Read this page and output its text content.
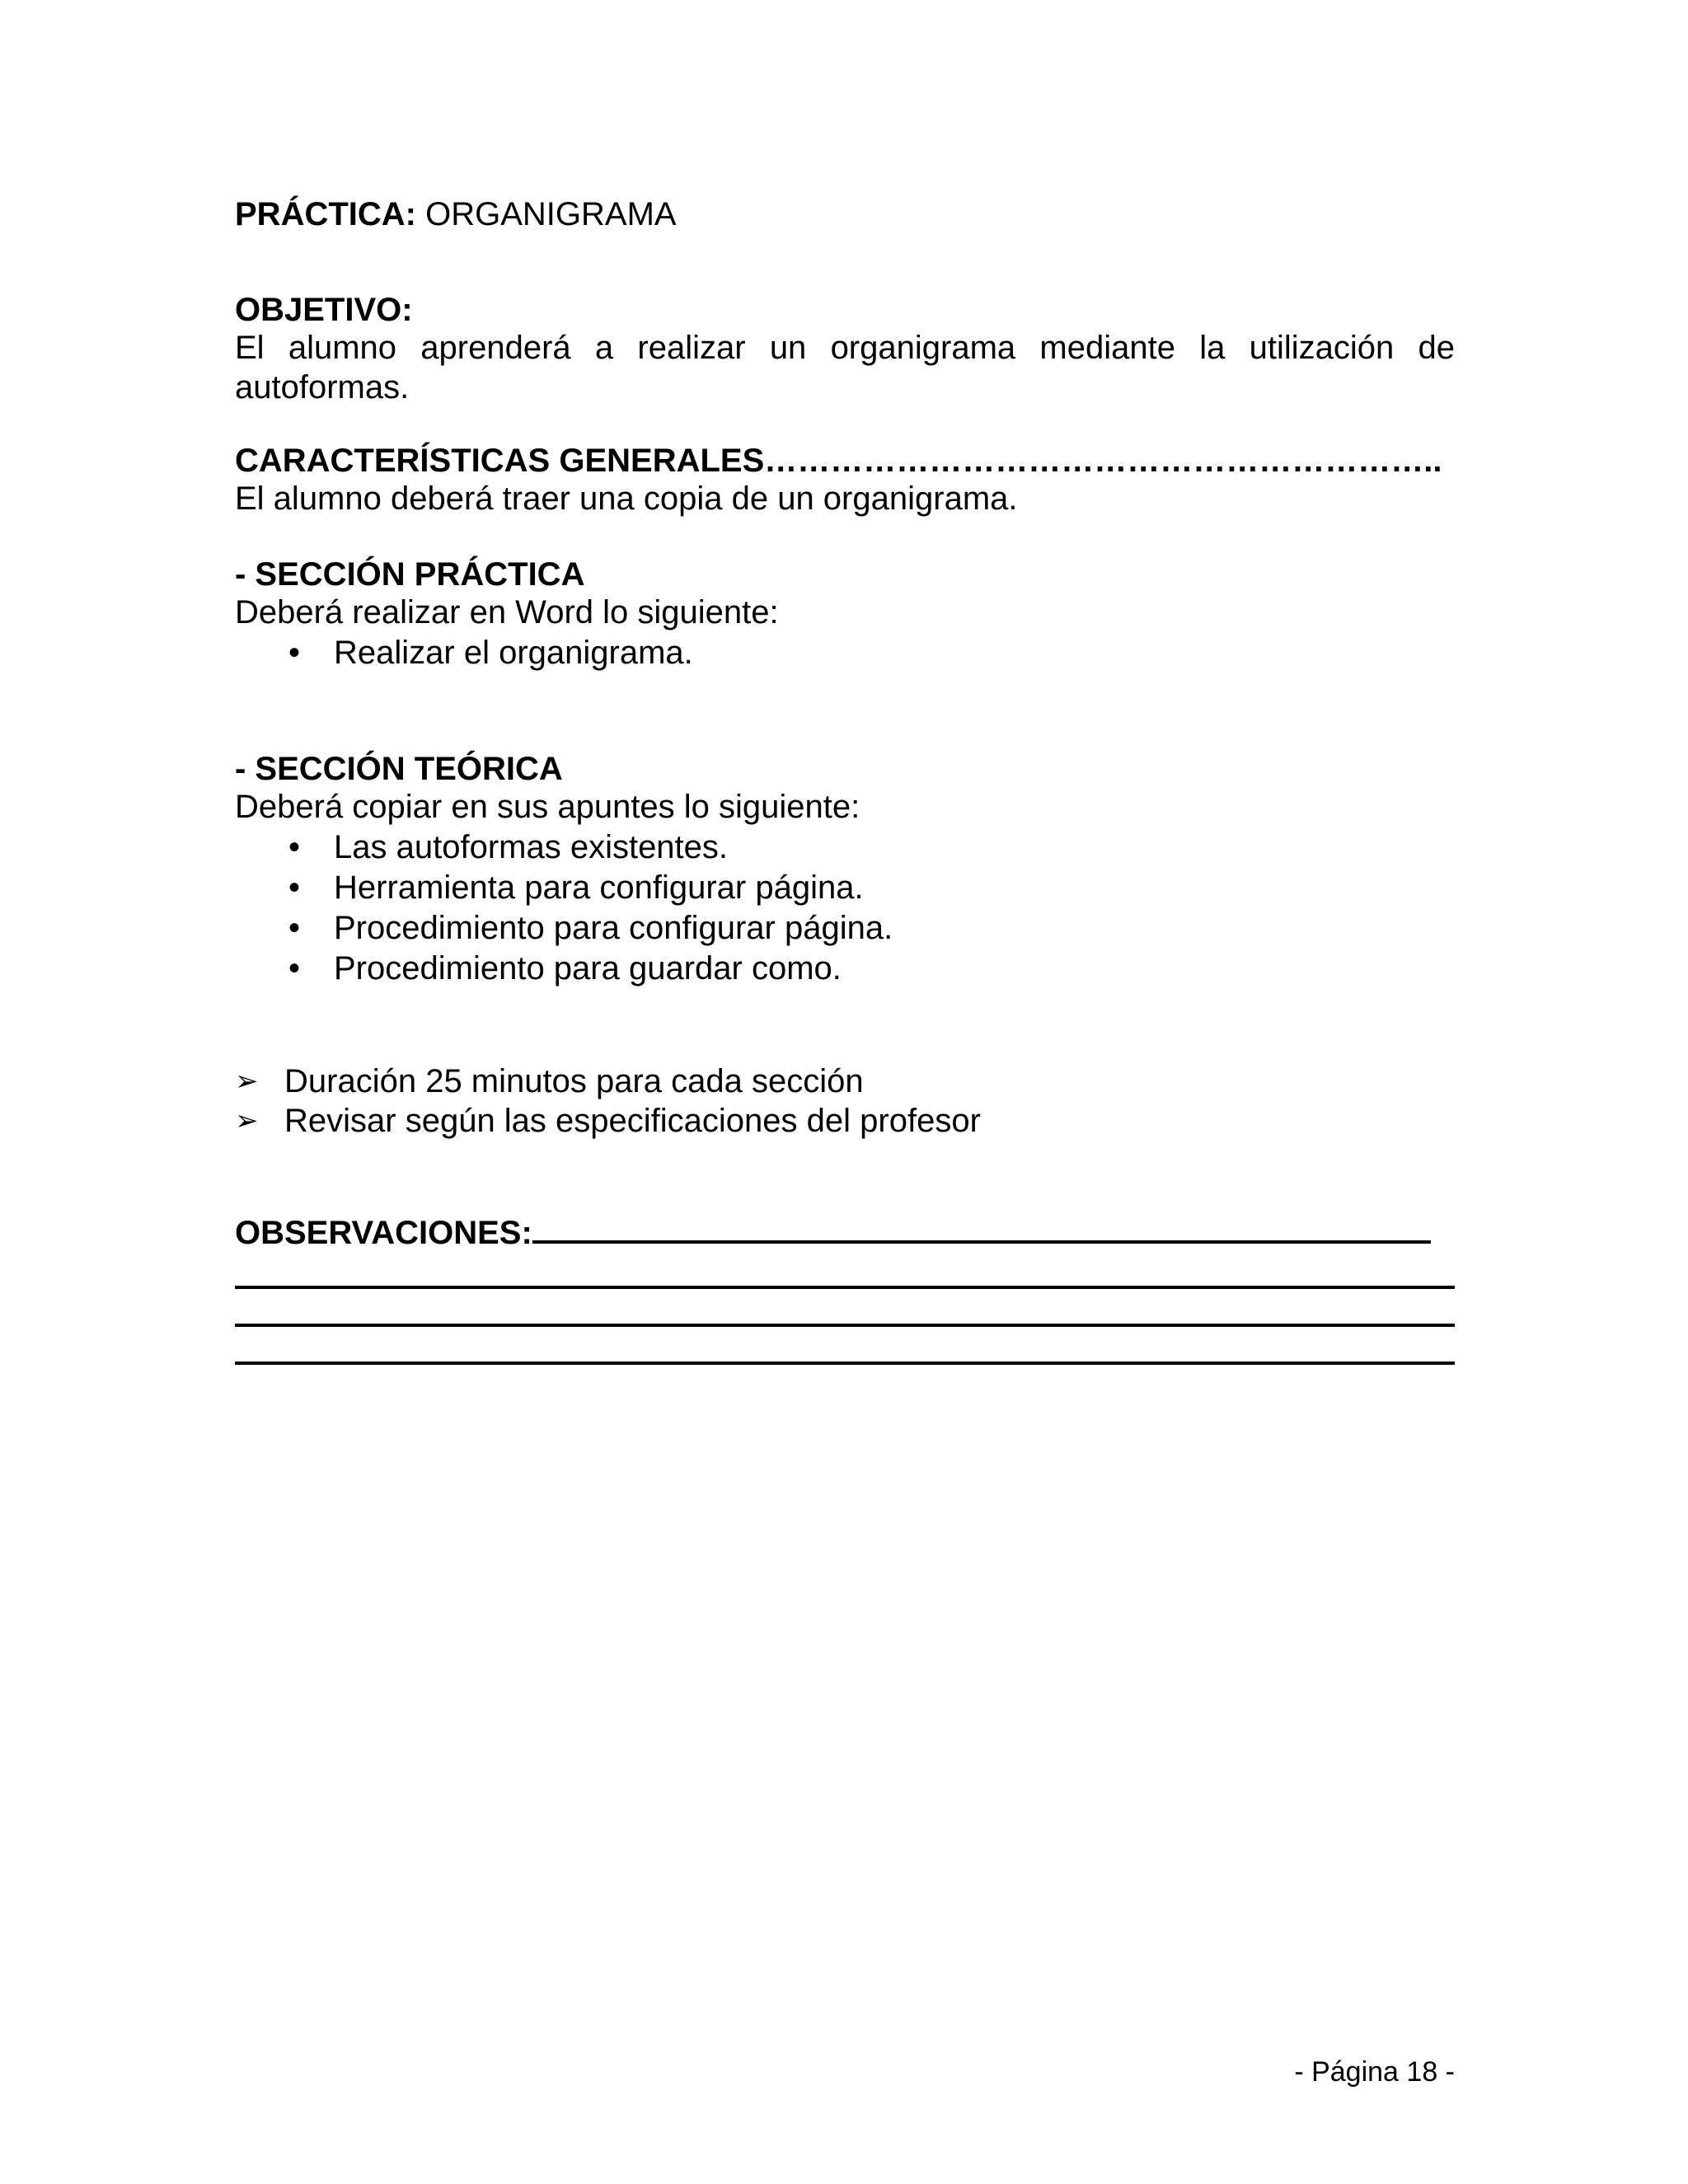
PRÁCTICA: ORGANIGRAMA
OBJETIVO:
El alumno aprenderá a realizar un organigrama mediante la utilización de autoformas.
CARACTERÍSTICAS GENERALES……………………………………………………..
El alumno deberá traer una copia de un organigrama.
- SECCIÓN PRÁCTICA
Deberá realizar en Word lo siguiente:
• Realizar el organigrama.
- SECCIÓN TEÓRICA
Deberá copiar en sus apuntes lo siguiente:
• Las autoformas existentes.
• Herramienta para configurar página.
• Procedimiento para configurar página.
• Procedimiento para guardar como.
➢ Duración 25 minutos para cada sección
➢ Revisar según las especificaciones del profesor
OBSERVACIONES:
- Página 18 -
